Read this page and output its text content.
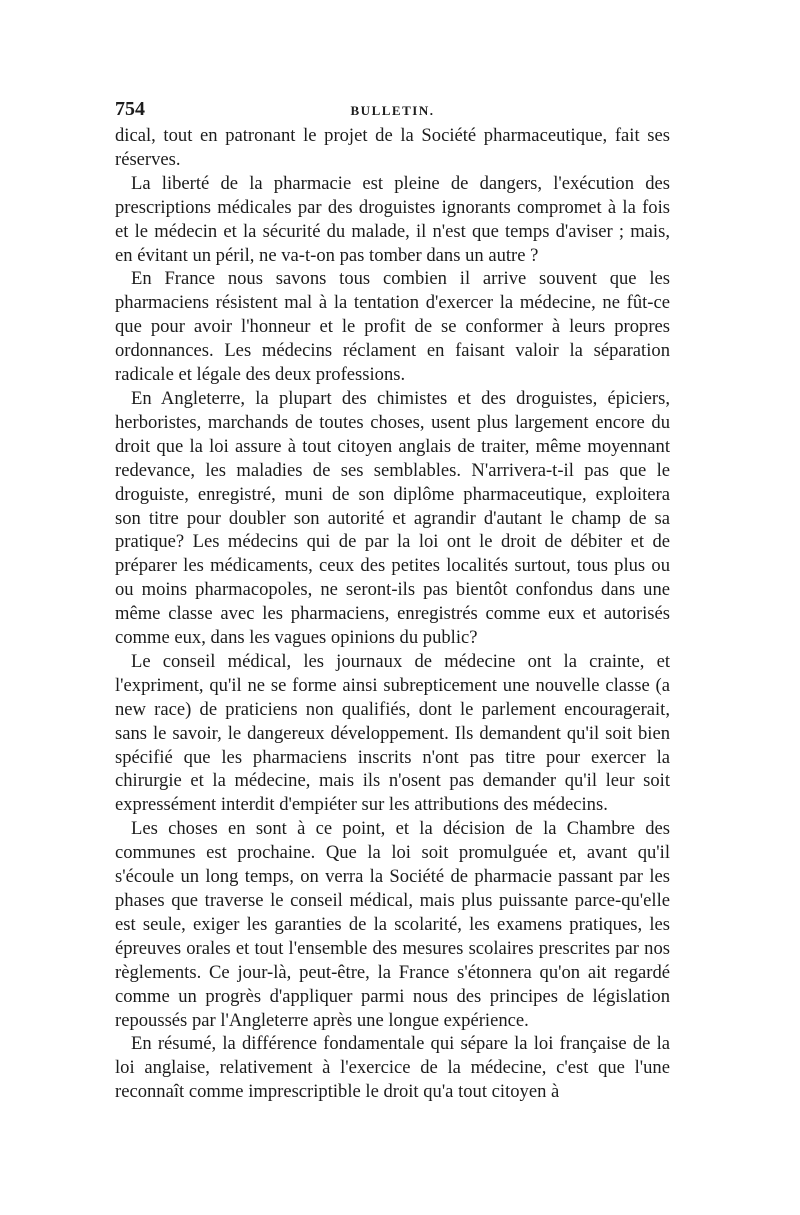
754	BULLETIN.

dical, tout en patronant le projet de la Société pharmaceutique, fait ses réserves.

La liberté de la pharmacie est pleine de dangers, l'exécution des prescriptions médicales par des droguistes ignorants compromet à la fois et le médecin et la sécurité du malade, il n'est que temps d'aviser ; mais, en évitant un péril, ne va-t-on pas tomber dans un autre ?

En France nous savons tous combien il arrive souvent que les pharmaciens résistent mal à la tentation d'exercer la médecine, ne fût-ce que pour avoir l'honneur et le profit de se conformer à leurs propres ordonnances. Les médecins réclament en faisant valoir la séparation radicale et légale des deux professions.

En Angleterre, la plupart des chimistes et des droguistes, épiciers, herboristes, marchands de toutes choses, usent plus largement encore du droit que la loi assure à tout citoyen anglais de traiter, même moyennant redevance, les maladies de ses semblables. N'arrivera-t-il pas que le droguiste, enregistré, muni de son diplôme pharmaceutique, exploitera son titre pour doubler son autorité et agrandir d'autant le champ de sa pratique? Les médecins qui de par la loi ont le droit de débiter et de préparer les médicaments, ceux des petites localités surtout, tous plus ou ou moins pharmacopoles, ne seront-ils pas bientôt confondus dans une même classe avec les pharmaciens, enregistrés comme eux et autorisés comme eux, dans les vagues opinions du public?

Le conseil médical, les journaux de médecine ont la crainte, et l'expriment, qu'il ne se forme ainsi subrepticement une nouvelle classe (a new race) de praticiens non qualifiés, dont le parlement encouragerait, sans le savoir, le dangereux développement. Ils demandent qu'il soit bien spécifié que les pharmaciens inscrits n'ont pas titre pour exercer la chirurgie et la médecine, mais ils n'osent pas demander qu'il leur soit expressément interdit d'empiéter sur les attributions des médecins.

Les choses en sont à ce point, et la décision de la Chambre des communes est prochaine. Que la loi soit promulguée et, avant qu'il s'écoule un long temps, on verra la Société de pharmacie passant par les phases que traverse le conseil médical, mais plus puissante parce-qu'elle est seule, exiger les garanties de la scolarité, les examens pratiques, les épreuves orales et tout l'ensemble des mesures scolaires prescrites par nos règlements. Ce jour-là, peut-être, la France s'étonnera qu'on ait regardé comme un progrès d'appliquer parmi nous des principes de législation repoussés par l'Angleterre après une longue expérience.

En résumé, la différence fondamentale qui sépare la loi française de la loi anglaise, relativement à l'exercice de la médecine, c'est que l'une reconnaît comme imprescriptible le droit qu'a tout citoyen à
